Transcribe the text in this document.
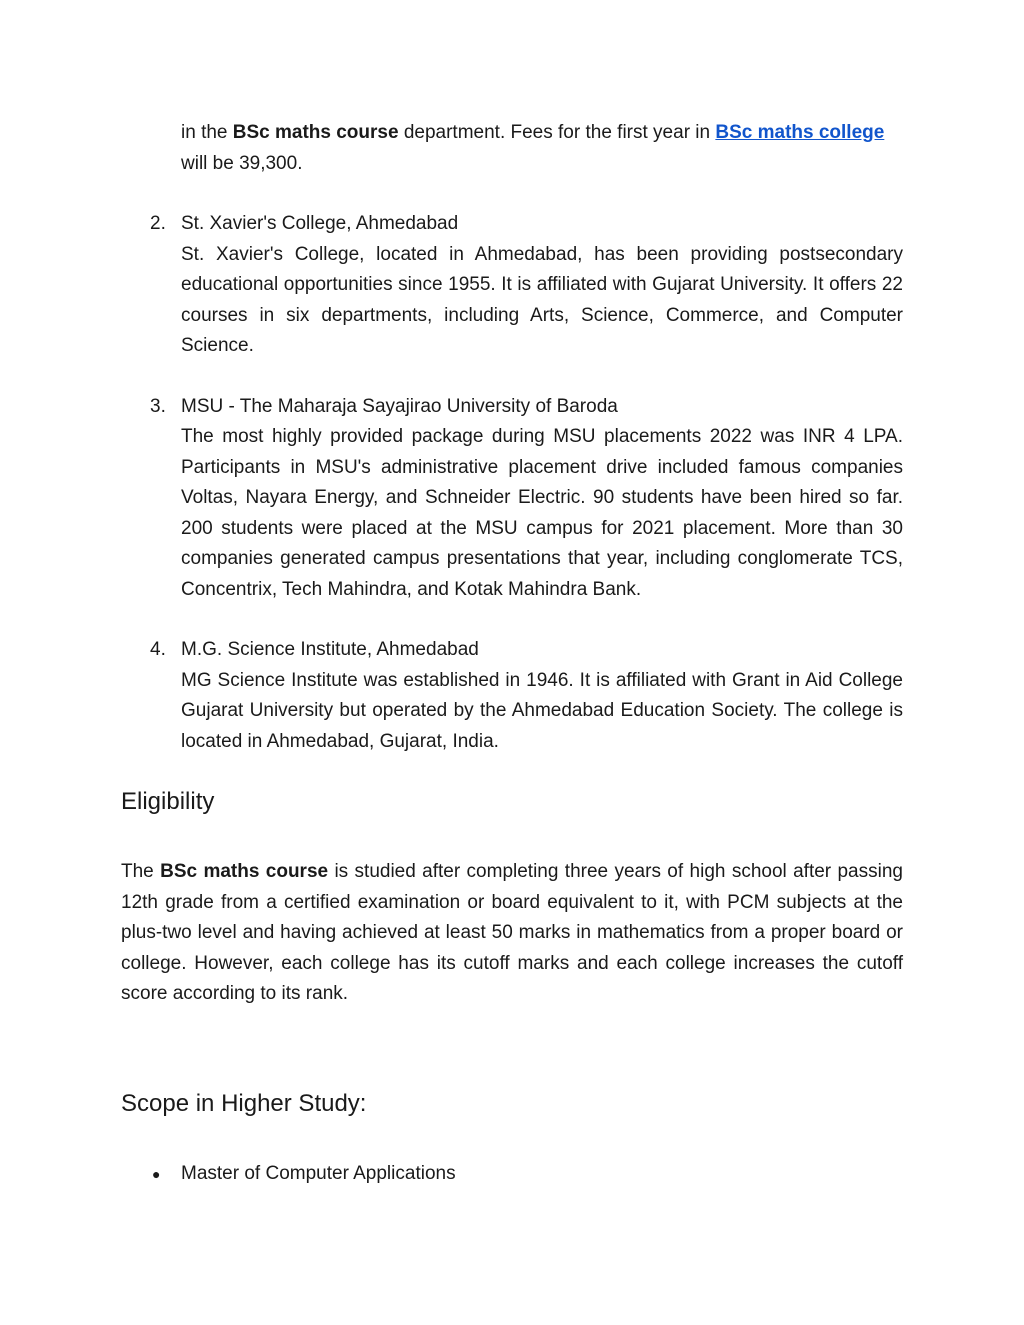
in the BSc maths course department. Fees for the first year in BSc maths college
will be 39,300.

2. St. Xavier's College, Ahmedabad
St. Xavier's College, located in Ahmedabad, has been providing postsecondary educational opportunities since 1955. It is affiliated with Gujarat University. It offers 22 courses in six departments, including Arts, Science, Commerce, and Computer Science.
3. MSU - The Maharaja Sayajirao University of Baroda
The most highly provided package during MSU placements 2022 was INR 4 LPA. Participants in MSU's administrative placement drive included famous companies Voltas, Nayara Energy, and Schneider Electric. 90 students have been hired so far. 200 students were placed at the MSU campus for 2021 placement. More than 30 companies generated campus presentations that year, including conglomerate TCS, Concentrix, Tech Mahindra, and Kotak Mahindra Bank.
4. M.G. Science Institute, Ahmedabad
MG Science Institute was established in 1946. It is affiliated with Grant in Aid College Gujarat University but operated by the Ahmedabad Education Society. The college is located in Ahmedabad, Gujarat, India.
Eligibility

The BSc maths course is studied after completing three years of high school after passing 12th grade from a certified examination or board equivalent to it, with PCM subjects at the plus-two level and having achieved at least 50 marks in mathematics from a proper board or college. However, each college has its cutoff marks and each college increases the cutoff score according to its rank.

Scope in Higher Study:
● Master of Computer Applications
